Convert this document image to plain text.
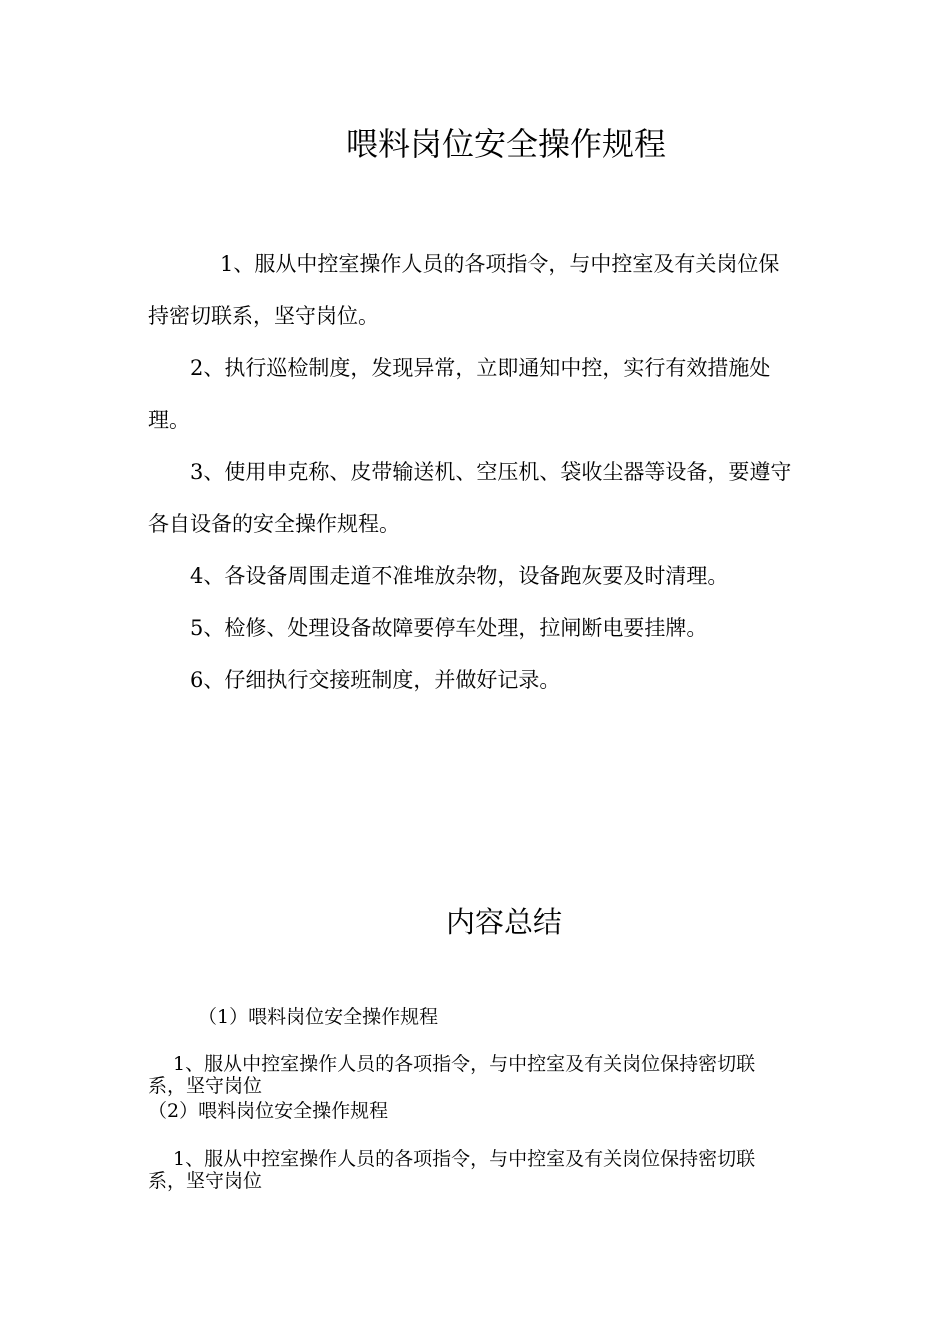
喂料岗位安全操作规程

1、服从中控室操作人员的各项指令，与中控室及有关岗位保持密切联系，坚守岗位。

2、执行巡检制度，发现异常，立即通知中控，实行有效措施处理。

3、使用申克称、皮带输送机、空压机、袋收尘器等设备，要遵守各自设备的安全操作规程。

4、各设备周围走道不准堆放杂物，设备跑灰要及时清理。

5、检修、处理设备故障要停车处理，拉闸断电要挂牌。

6、仔细执行交接班制度，并做好记录。

内容总结

（1）喂料岗位安全操作规程

1、服从中控室操作人员的各项指令，与中控室及有关岗位保持密切联系，坚守岗位

（2）喂料岗位安全操作规程

1、服从中控室操作人员的各项指令，与中控室及有关岗位保持密切联系，坚守岗位
